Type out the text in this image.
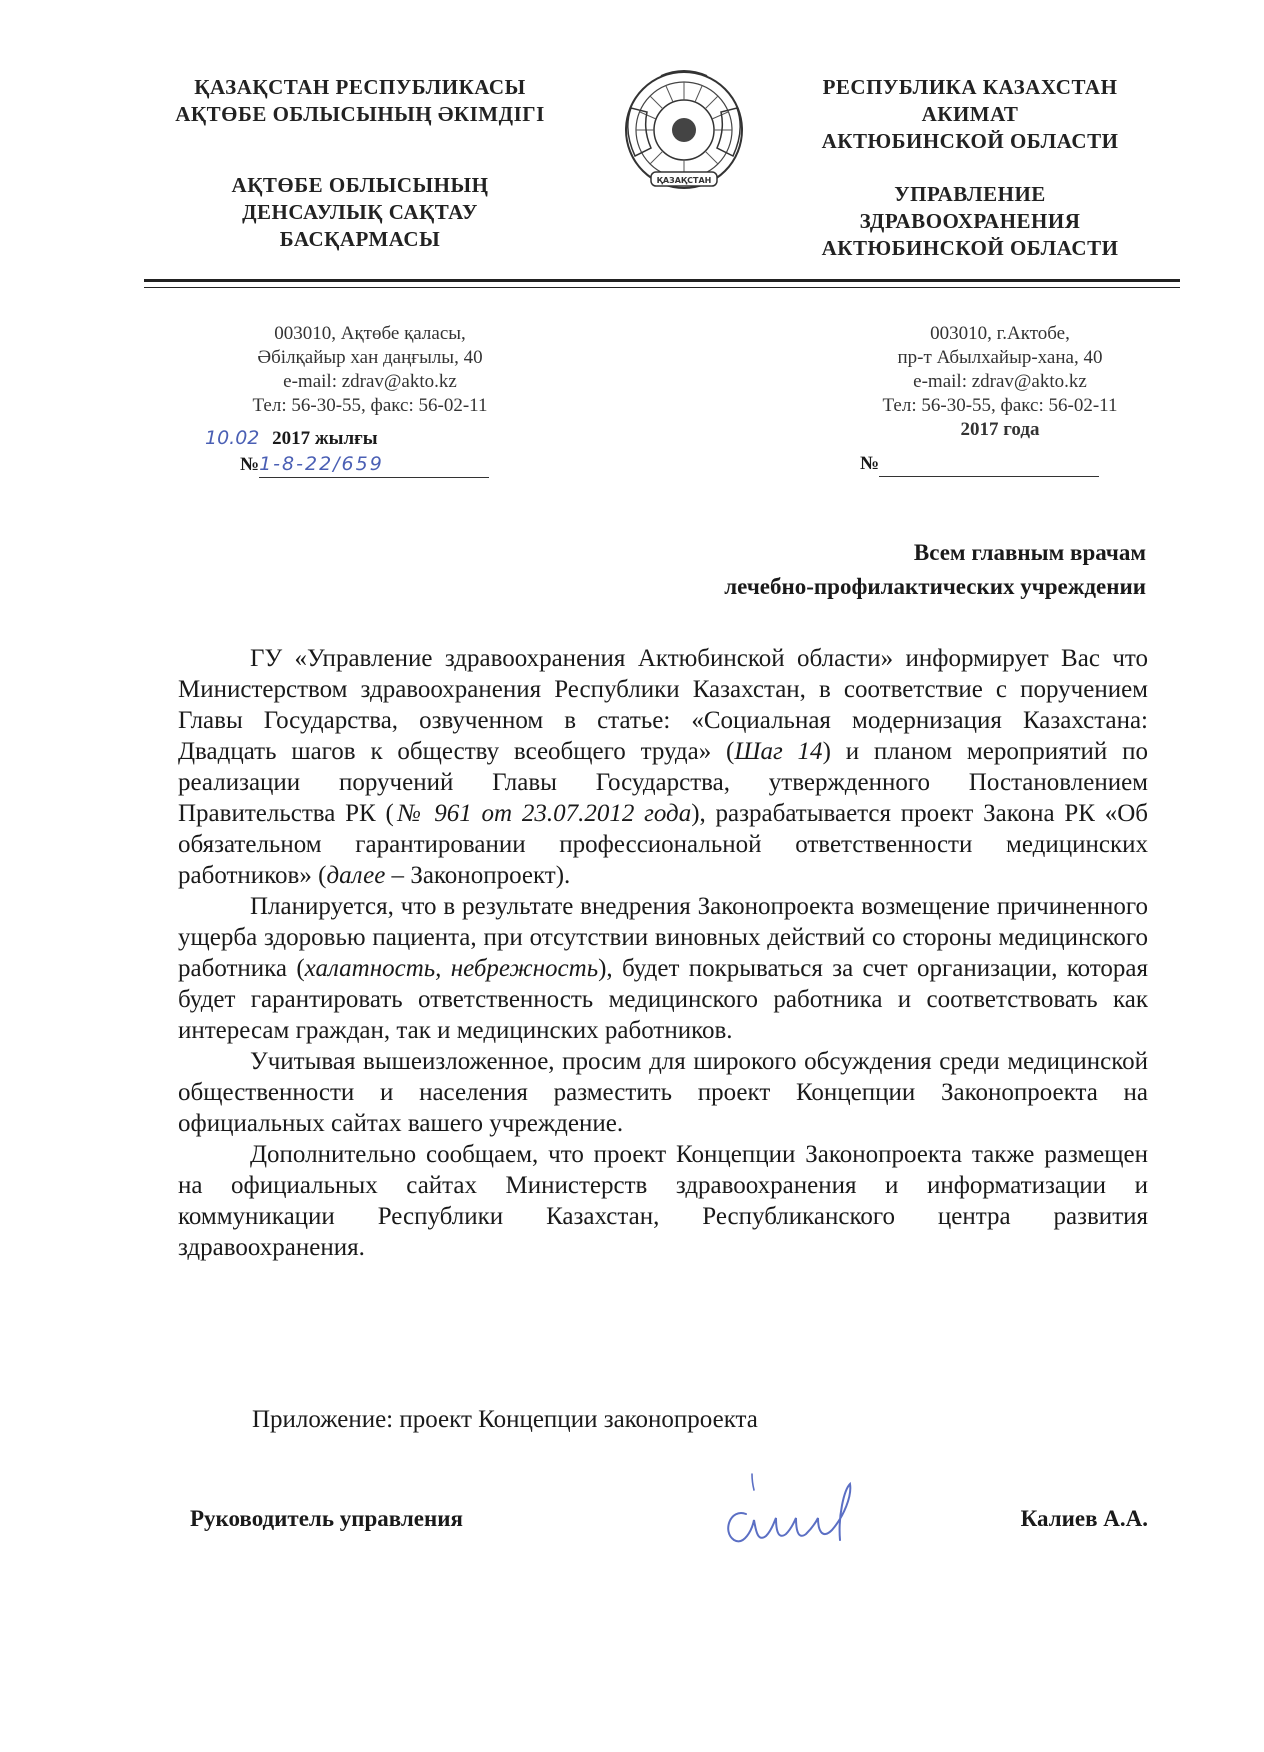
ҚАЗАҚСТАН РЕСПУБЛИКАСЫ
АҚТӨБЕ ОБЛЫСЫНЫҢ ӘКІМДІГІ
АҚТӨБЕ ОБЛЫСЫНЫҢ
ДЕНСАУЛЫҚ САҚТАУ
БАСҚАРМАСЫ
ҚАЗАҚСТАН
РЕСПУБЛИКА КАЗАХСТАН
АКИМАТ
АКТЮБИНСКОЙ ОБЛАСТИ
УПРАВЛЕНИЕ
ЗДРАВООХРАНЕНИЯ
АКТЮБИНСКОЙ ОБЛАСТИ
003010, Ақтөбе қаласы,
Әбілқайыр хан даңғылы, 40
e-mail: zdrav@akto.kz
Тел: 56-30-55, факс: 56-02-11
10.02 2017 жылғы
№1-8-22/659
003010, г.Актобе,
пр-т Абылхайыр-хана, 40
e-mail: zdrav@akto.kz
Тел: 56-30-55, факс: 56-02-11
2017 года
№
Всем главным врачам
лечебно-профилактических учреждении

ГУ «Управление здравоохранения Актюбинской области» информирует Вас что Министерством здравоохранения Республики Казахстан, в соответствие с поручением Главы Государства, озвученном в статье: «Социальная модернизация Казахстана: Двадцать шагов к обществу всеобщего труда» (Шаг 14) и планом мероприятий по реализации поручений Главы Государства, утвержденного Постановлением Правительства РК (№ 961 от 23.07.2012 года), разрабатывается проект Закона РК «Об обязательном гарантировании профессиональной ответственности медицинских работников» (далее – Законопроект).

Планируется, что в результате внедрения Законопроекта возмещение причиненного ущерба здоровью пациента, при отсутствии виновных действий со стороны медицинского работника (халатность, небрежность), будет покрываться за счет организации, которая будет гарантировать ответственность медицинского работника и соответствовать как интересам граждан, так и медицинских работников.

Учитывая вышеизложенное, просим для широкого обсуждения среди медицинской общественности и населения разместить проект Концепции Законопроекта на официальных сайтах вашего учреждение.

Дополнительно сообщаем, что проект Концепции Законопроекта также размещен на официальных сайтах Министерств здравоохранения и информатизации и коммуникации Республики Казахстан, Республиканского центра развития здравоохранения.

Приложение: проект Концепции законопроекта
Руководитель управления	Калиев А.А.
